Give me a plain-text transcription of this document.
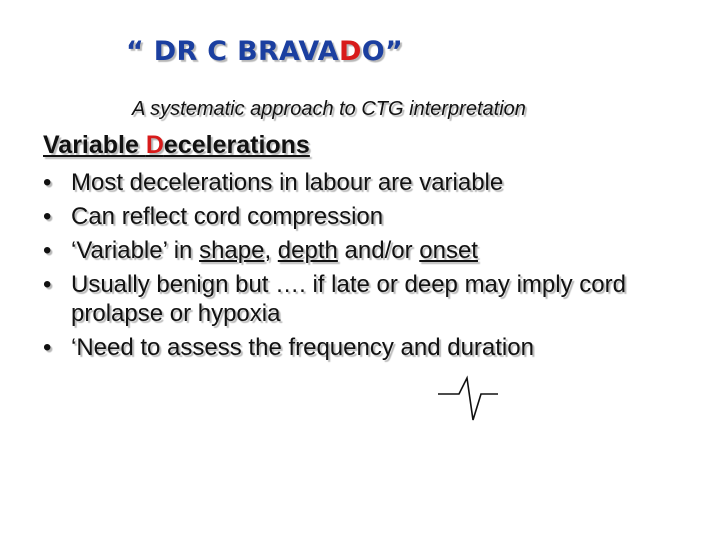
“ DR C BRAVADO”
A systematic approach to CTG interpretation
Variable Decelerations
• Most decelerations in labour are variable
• Can reflect cord compression
• ‘Variable’ in shape, depth and/or onset
• Usually benign but …. if late or deep may imply cord prolapse or hypoxia
• ‘Need to assess the frequency and duration
